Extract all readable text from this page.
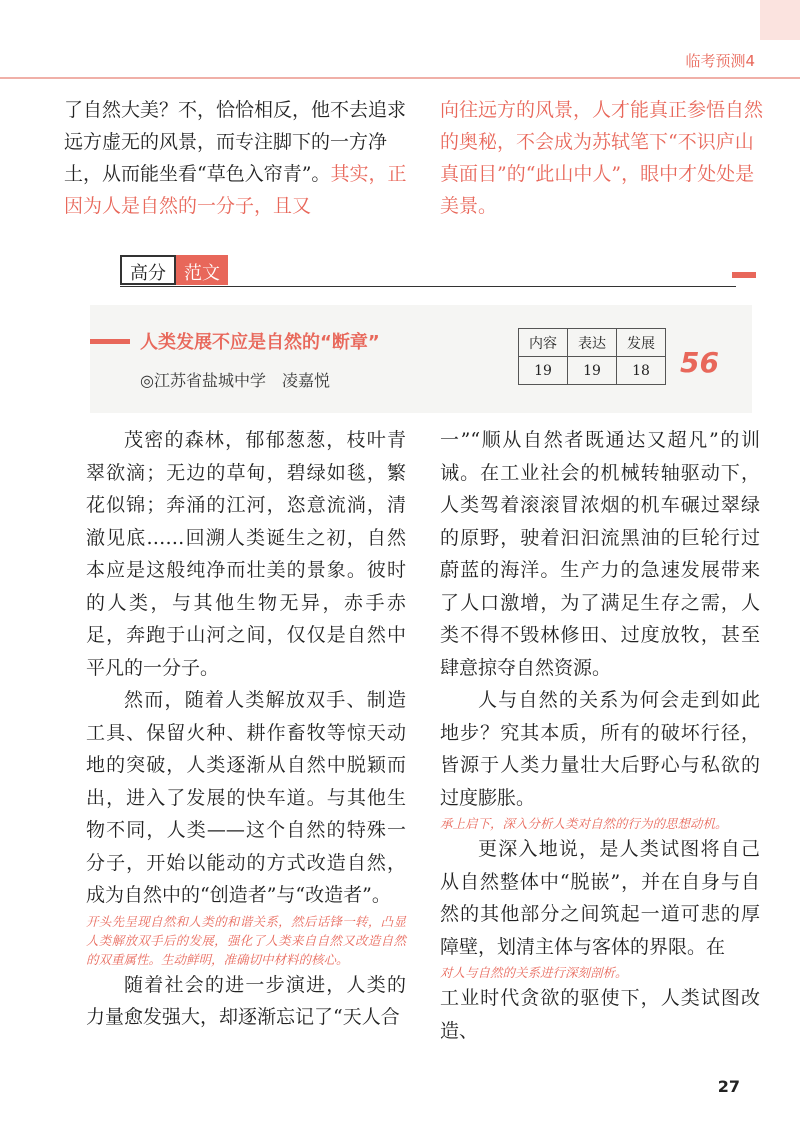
临考预测4
了自然大美？不，恰恰相反，他不去追求远方虚无的风景，而专注脚下的一方净土，从而能坐看“草色入帘青”。其实，正因为人是自然的一分子，且又
向往远方的风景，人才能真正参悟自然的奥秘，不会成为苏轼笔下“不识庐山真面目”的“此山中人”，眼中才处处是美景。
高分	范文
人类发展不应是自然的“断章”
◎江苏省盐城中学　凌嘉悦
内容	表达	发展
19	19	18 56

茂密的森林，郁郁葱葱，枝叶青翠欲滴；无边的草甸，碧绿如毯，繁花似锦；奔涌的江河，恣意流淌，清澈见底……回溯人类诞生之初，自然本应是这般纯净而壮美的景象。彼时的人类，与其他生物无异，赤手赤足，奔跑于山河之间，仅仅是自然中平凡的一分子。

然而，随着人类解放双手、制造工具、保留火种、耕作畜牧等惊天动地的突破，人类逐渐从自然中脱颖而出，进入了发展的快车道。与其他生物不同，人类——这个自然的特殊一分子，开始以能动的方式改造自然，成为自然中的“创造者”与“改造者”。

开头先呈现自然和人类的和谐关系，然后话锋一转，凸显人类解放双手后的发展，强化了人类来自自然又改造自然的双重属性。生动鲜明，准确切中材料的核心。

随着社会的进一步演进，人类的力量愈发强大，却逐渐忘记了“天人合

一”“顺从自然者既通达又超凡”的训诫。在工业社会的机械转轴驱动下，人类驾着滚滚冒浓烟的机车碾过翠绿的原野，驶着汩汩流黑油的巨轮行过蔚蓝的海洋。生产力的急速发展带来了人口激增，为了满足生存之需，人类不得不毁林修田、过度放牧，甚至肆意掠夺自然资源。

人与自然的关系为何会走到如此地步？究其本质，所有的破坏行径，皆源于人类力量壮大后野心与私欲的过度膨胀。

承上启下，深入分析人类对自然的行为的思想动机。

更深入地说，是人类试图将自己从自然整体中“脱嵌”，并在自身与自然的其他部分之间筑起一道可悲的厚障壁，划清主体与客体的界限。在

对人与自然的关系进行深刻剖析。

工业时代贪欲的驱使下，人类试图改造、

27
